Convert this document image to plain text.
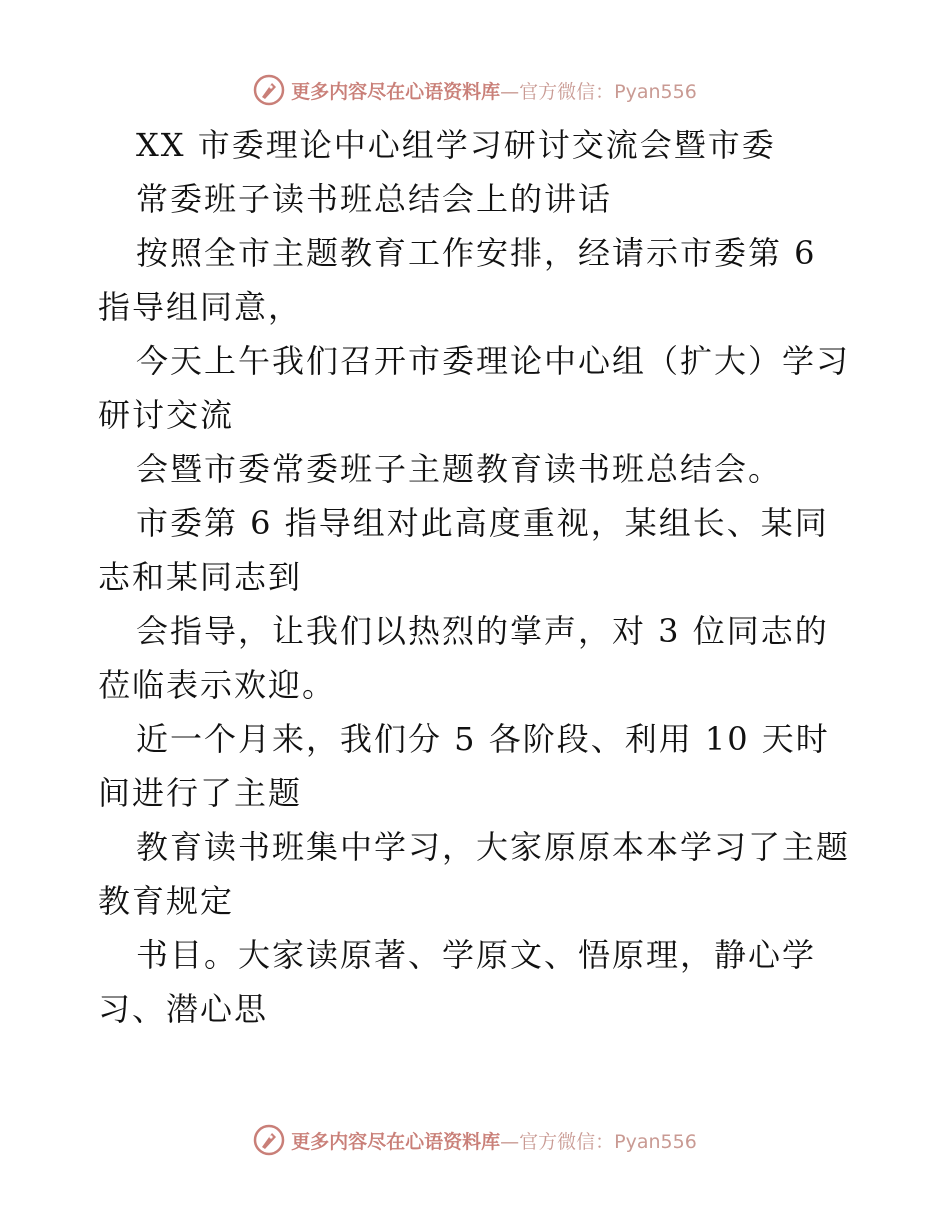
更多内容尽在心语资料库—官方微信：Pyan556
XX 市委理论中心组学习研讨交流会暨市委
常委班子读书班总结会上的讲话
按照全市主题教育工作安排，经请示市委第 6
指导组同意，
今天上午我们召开市委理论中心组（扩大）学习
研讨交流
会暨市委常委班子主题教育读书班总结会。
市委第 6 指导组对此高度重视，某组长、某同
志和某同志到
会指导，让我们以热烈的掌声，对 3 位同志的
莅临表示欢迎。
近一个月来，我们分 5 各阶段、利用 10 天时
间进行了主题
教育读书班集中学习，大家原原本本学习了主题
教育规定
书目。大家读原著、学原文、悟原理，静心学
习、潜心思
更多内容尽在心语资料库—官方微信：Pyan556
